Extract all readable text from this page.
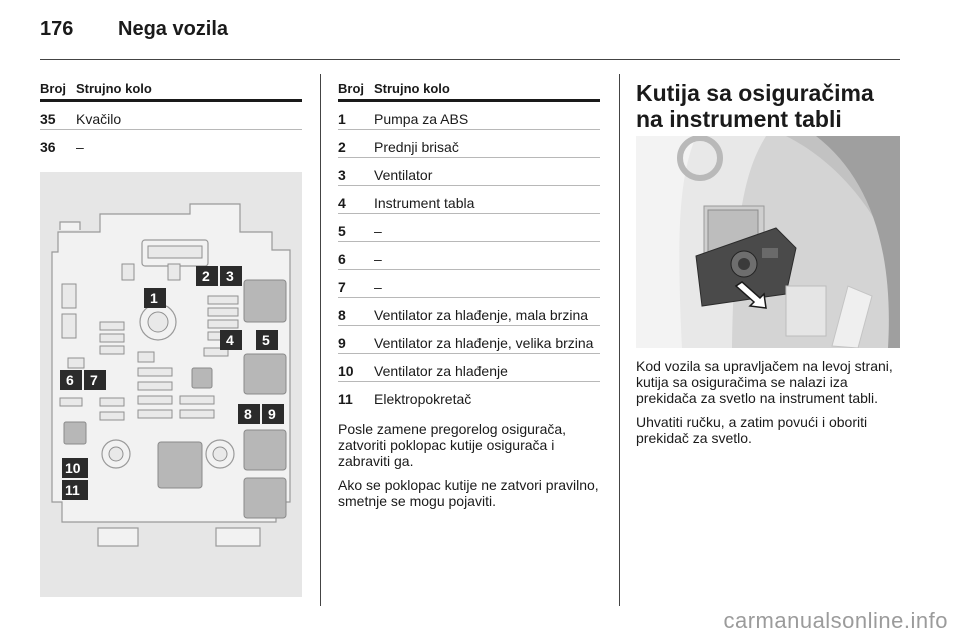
176 Nega vozila
Broj Strujno kolo
35	Kvačilo
36	–
1
2 3
4 5
6 7
8 9
10
11
Broj Strujno kolo
1	Pumpa za ABS
2	Prednji brisač
3	Ventilator
4	Instrument tabla
5	–
6	–
7	–
8	Ventilator za hlađenje, mala brzina
9	Ventilator za hlađenje, velika brzina
10	Ventilator za hlađenje
11	Elektropokretač

Posle zamene pregorelog osigurača, zatvoriti poklopac kutije osigurača i zabraviti ga.

Ako se poklopac kutije ne zatvori pravilno, smetnje se mogu pojaviti.

Kutija sa osiguračima na instrument tabli

Kod vozila sa upravljačem na levoj strani, kutija sa osiguračima se nalazi iza prekidača za svetlo na instrument tabli.

Uhvatiti ručku, a zatim povući i oboriti prekidač za svetlo.

carmanualsonline.info
